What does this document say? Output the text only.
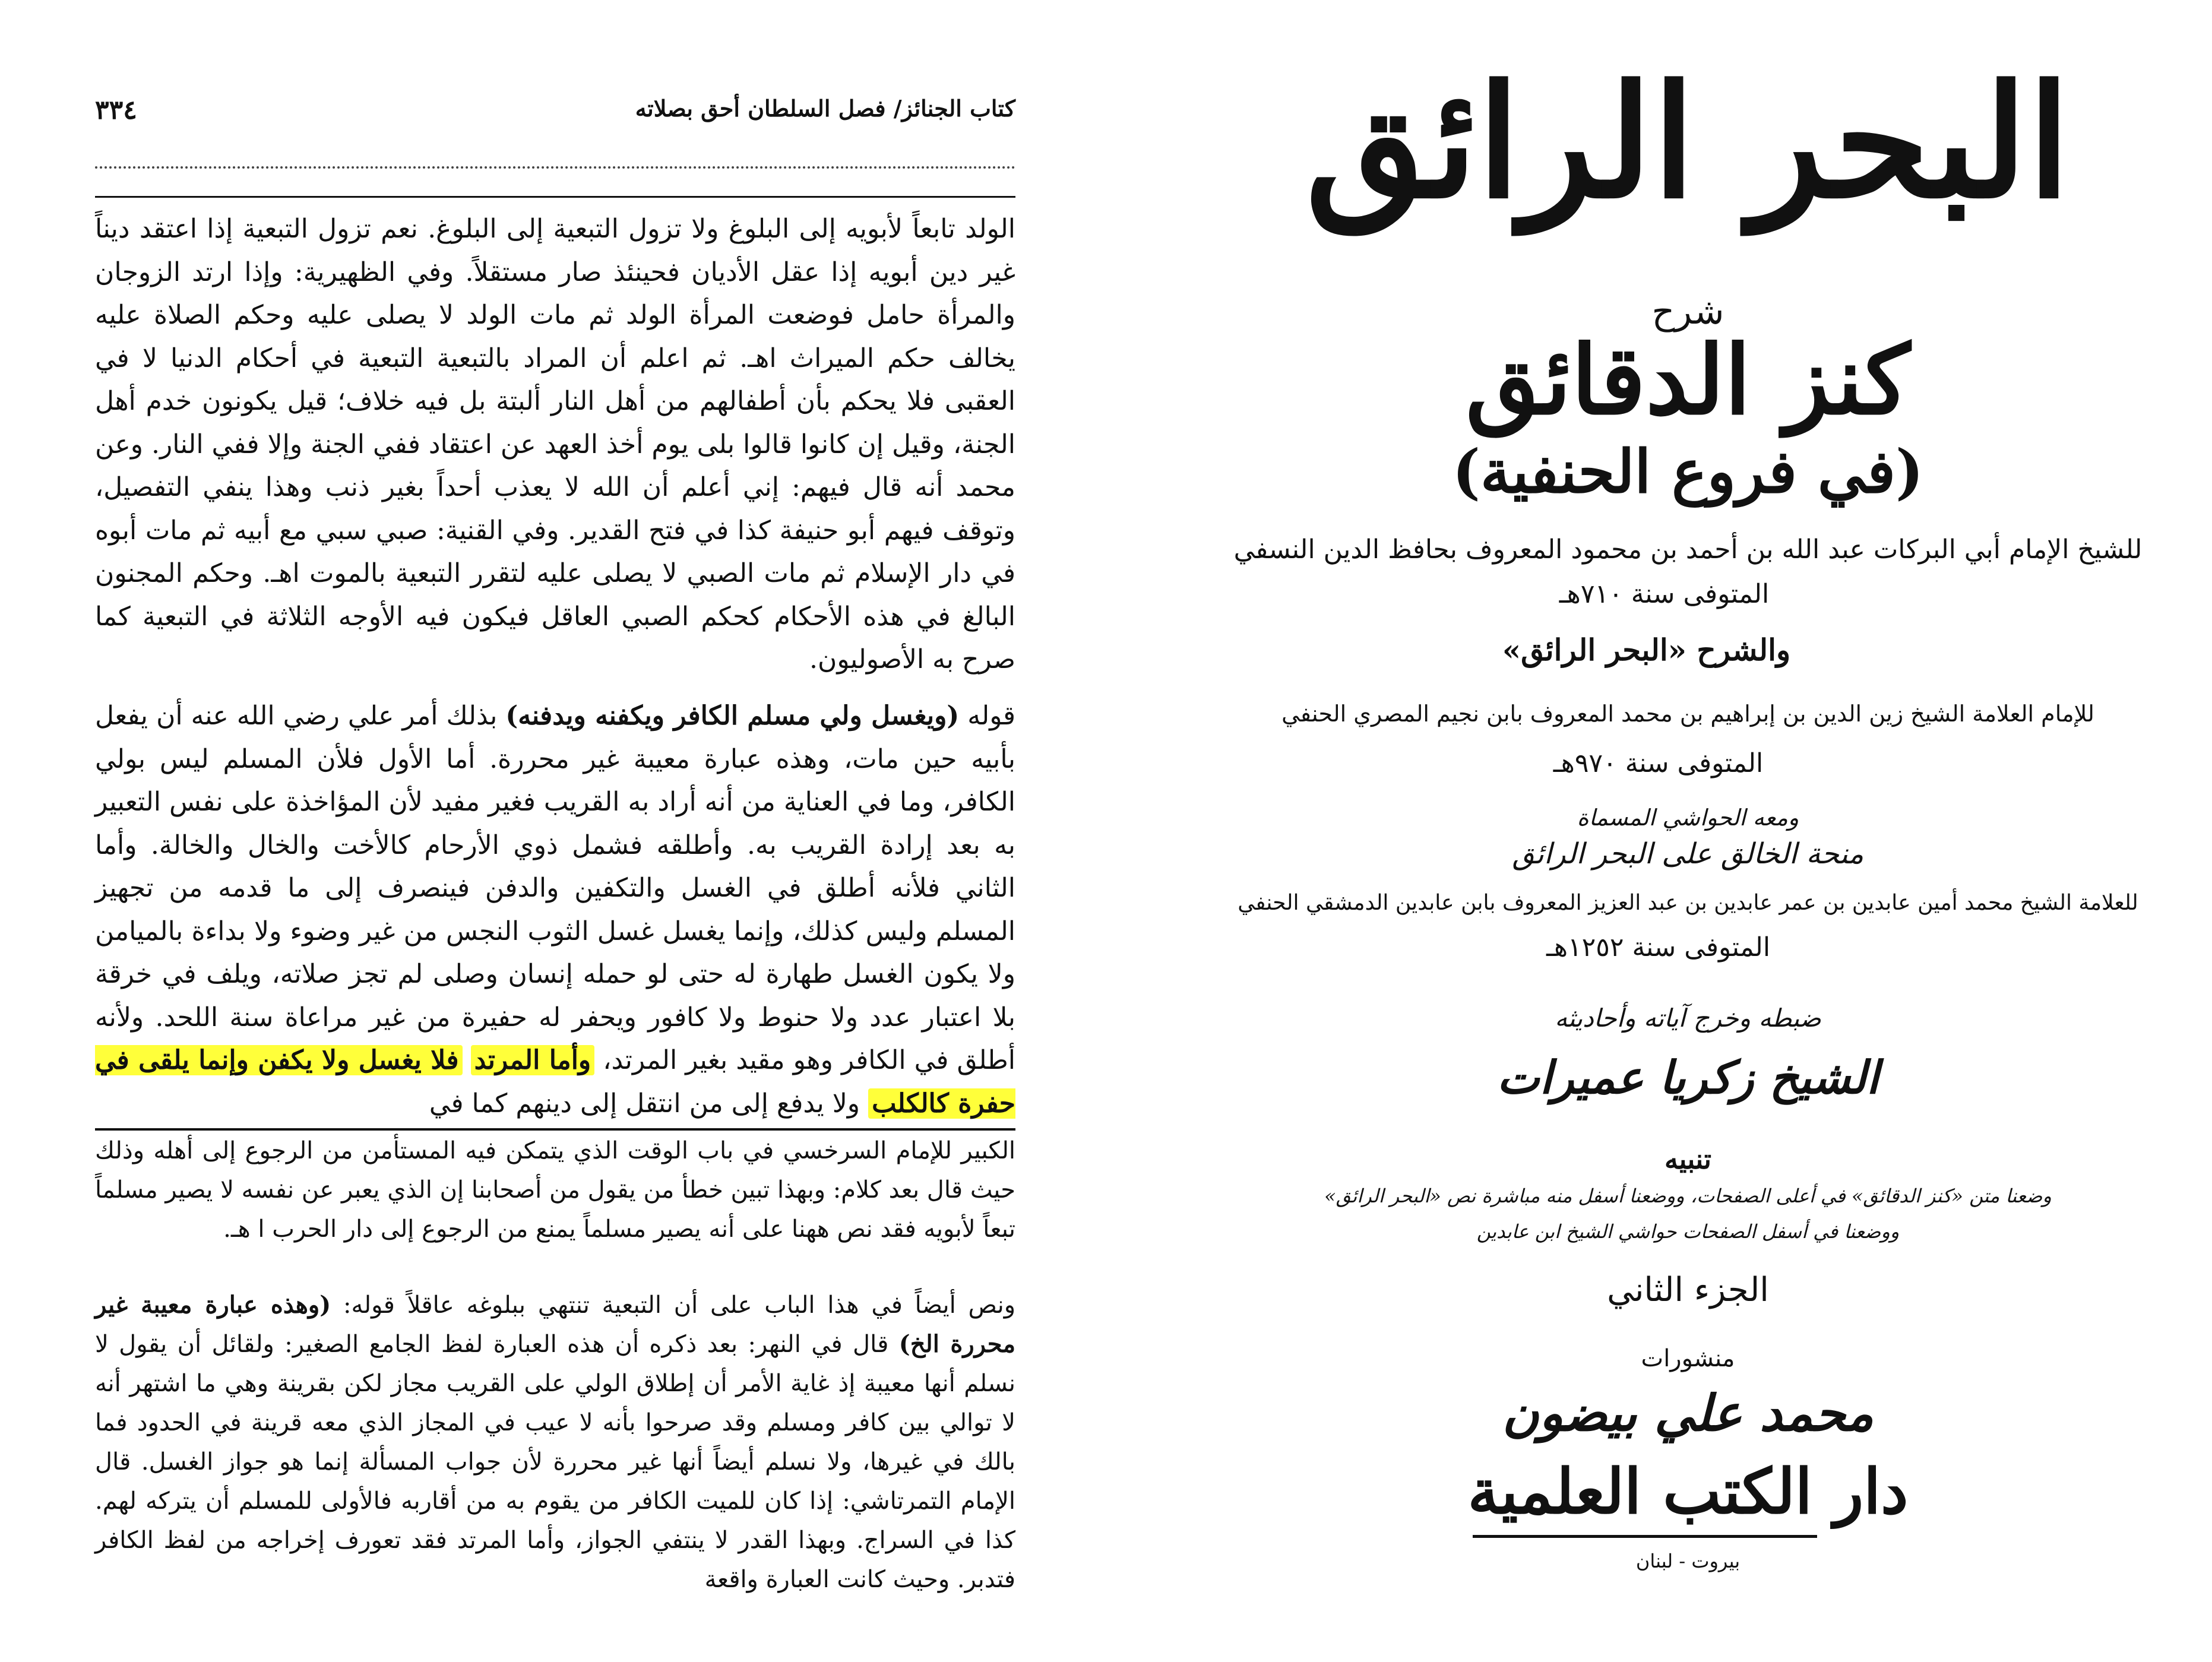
كتاب الجنائز/ فصل السلطان أحق بصلاته
٣٣٤
الولد تابعاً لأبويه إلى البلوغ ولا تزول التبعية إلى البلوغ. نعم تزول التبعية إذا اعتقد ديناً غير دين أبويه إذا عقل الأديان فحينئذ صار مستقلاً. وفي الظهيرية: وإذا ارتد الزوجان والمرأة حامل فوضعت المرأة الولد ثم مات الولد لا يصلى عليه وحكم الصلاة عليه يخالف حكم الميراث اهـ. ثم اعلم أن المراد بالتبعية التبعية في أحكام الدنيا لا في العقبى فلا يحكم بأن أطفالهم من أهل النار ألبتة بل فيه خلاف؛ قيل يكونون خدم أهل الجنة، وقيل إن كانوا قالوا بلى يوم أخذ العهد عن اعتقاد ففي الجنة وإلا ففي النار. وعن محمد أنه قال فيهم: إني أعلم أن الله لا يعذب أحداً بغير ذنب وهذا ينفي التفصيل، وتوقف فيهم أبو حنيفة كذا في فتح القدير. وفي القنية: صبي سبي مع أبيه ثم مات أبوه في دار الإسلام ثم مات الصبي لا يصلى عليه لتقرر التبعية بالموت اهـ. وحكم المجنون البالغ في هذه الأحكام كحكم الصبي العاقل فيكون فيه الأوجه الثلاثة في التبعية كما صرح به الأصوليون.
قوله (ويغسل ولي مسلم الكافر ويكفنه ويدفنه) بذلك أمر علي رضي الله عنه أن يفعل بأبيه حين مات، وهذه عبارة معيبة غير محررة. أما الأول فلأن المسلم ليس بولي الكافر، وما في العناية من أنه أراد به القريب فغير مفيد لأن المؤاخذة على نفس التعبير به بعد إرادة القريب به. وأطلقه فشمل ذوي الأرحام كالأخت والخال والخالة. وأما الثاني فلأنه أطلق في الغسل والتكفين والدفن فينصرف إلى ما قدمه من تجهيز المسلم وليس كذلك، وإنما يغسل غسل الثوب النجس من غير وضوء ولا بداءة بالميامن ولا يكون الغسل طهارة له حتى لو حمله إنسان وصلى لم تجز صلاته، ويلف في خرقة بلا اعتبار عدد ولا حنوط ولا كافور ويحفر له حفيرة من غير مراعاة سنة اللحد. ولأنه أطلق في الكافر وهو مقيد بغير المرتد، وأما المرتد فلا يغسل ولا يكفن وإنما يلقى في حفرة كالكلب ولا يدفع إلى من انتقل إلى دينهم كما في
الكبير للإمام السرخسي في باب الوقت الذي يتمكن فيه المستأمن من الرجوع إلى أهله وذلك حيث قال بعد كلام: وبهذا تبين خطأ من يقول من أصحابنا إن الذي يعبر عن نفسه لا يصير مسلماً تبعاً لأبويه فقد نص ههنا على أنه يصير مسلماً يمنع من الرجوع إلى دار الحرب ا هـ.
ونص أيضاً في هذا الباب على أن التبعية تنتهي ببلوغه عاقلاً قوله: (وهذه عبارة معيبة غير محررة الخ) قال في النهر: بعد ذكره أن هذه العبارة لفظ الجامع الصغير: ولقائل أن يقول لا نسلم أنها معيبة إذ غاية الأمر أن إطلاق الولي على القريب مجاز لكن بقرينة وهي ما اشتهر أنه لا توالي بين كافر ومسلم وقد صرحوا بأنه لا عيب في المجاز الذي معه قرينة في الحدود فما بالك في غيرها، ولا نسلم أيضاً أنها غير محررة لأن جواب المسألة إنما هو جواز الغسل. قال الإمام التمرتاشي: إذا كان للميت الكافر من يقوم به من أقاربه فالأولى للمسلم أن يتركه لهم. كذا في السراج. وبهذا القدر لا ينتفي الجواز، وأما المرتد فقد تعورف إخراجه من لفظ الكافر فتدبر. وحيث كانت العبارة واقعة
البحر الرائق
شرح
كنز الدقائق
(في فروع الحنفية)
للشيخ الإمام أبي البركات عبد الله بن أحمد بن محمود المعروف بحافظ الدين النسفي
المتوفى سنة ٧١٠هـ
والشرح «البحر الرائق»
للإمام العلامة الشيخ زين الدين بن إبراهيم بن محمد المعروف بابن نجيم المصري الحنفي
المتوفى سنة ٩٧٠هـ
ومعه الحواشي المسماة
منحة الخالق على البحر الرائق
للعلامة الشيخ محمد أمين عابدين بن عمر عابدين بن عبد العزيز المعروف بابن عابدين الدمشقي الحنفي
المتوفى سنة ١٢٥٢هـ
ضبطه وخرج آياته وأحاديثه
الشيخ زكريا عميرات
تنبيه
وضعنا متن «كنز الدقائق» في أعلى الصفحات، ووضعنا أسفل منه مباشرة نص «البحر الرائق»
ووضعنا في أسفل الصفحات حواشي الشيخ ابن عابدين
الجزء الثاني
منشورات
محمد علي بيضون
دار الكتب العلمية
بيروت - لبنان
